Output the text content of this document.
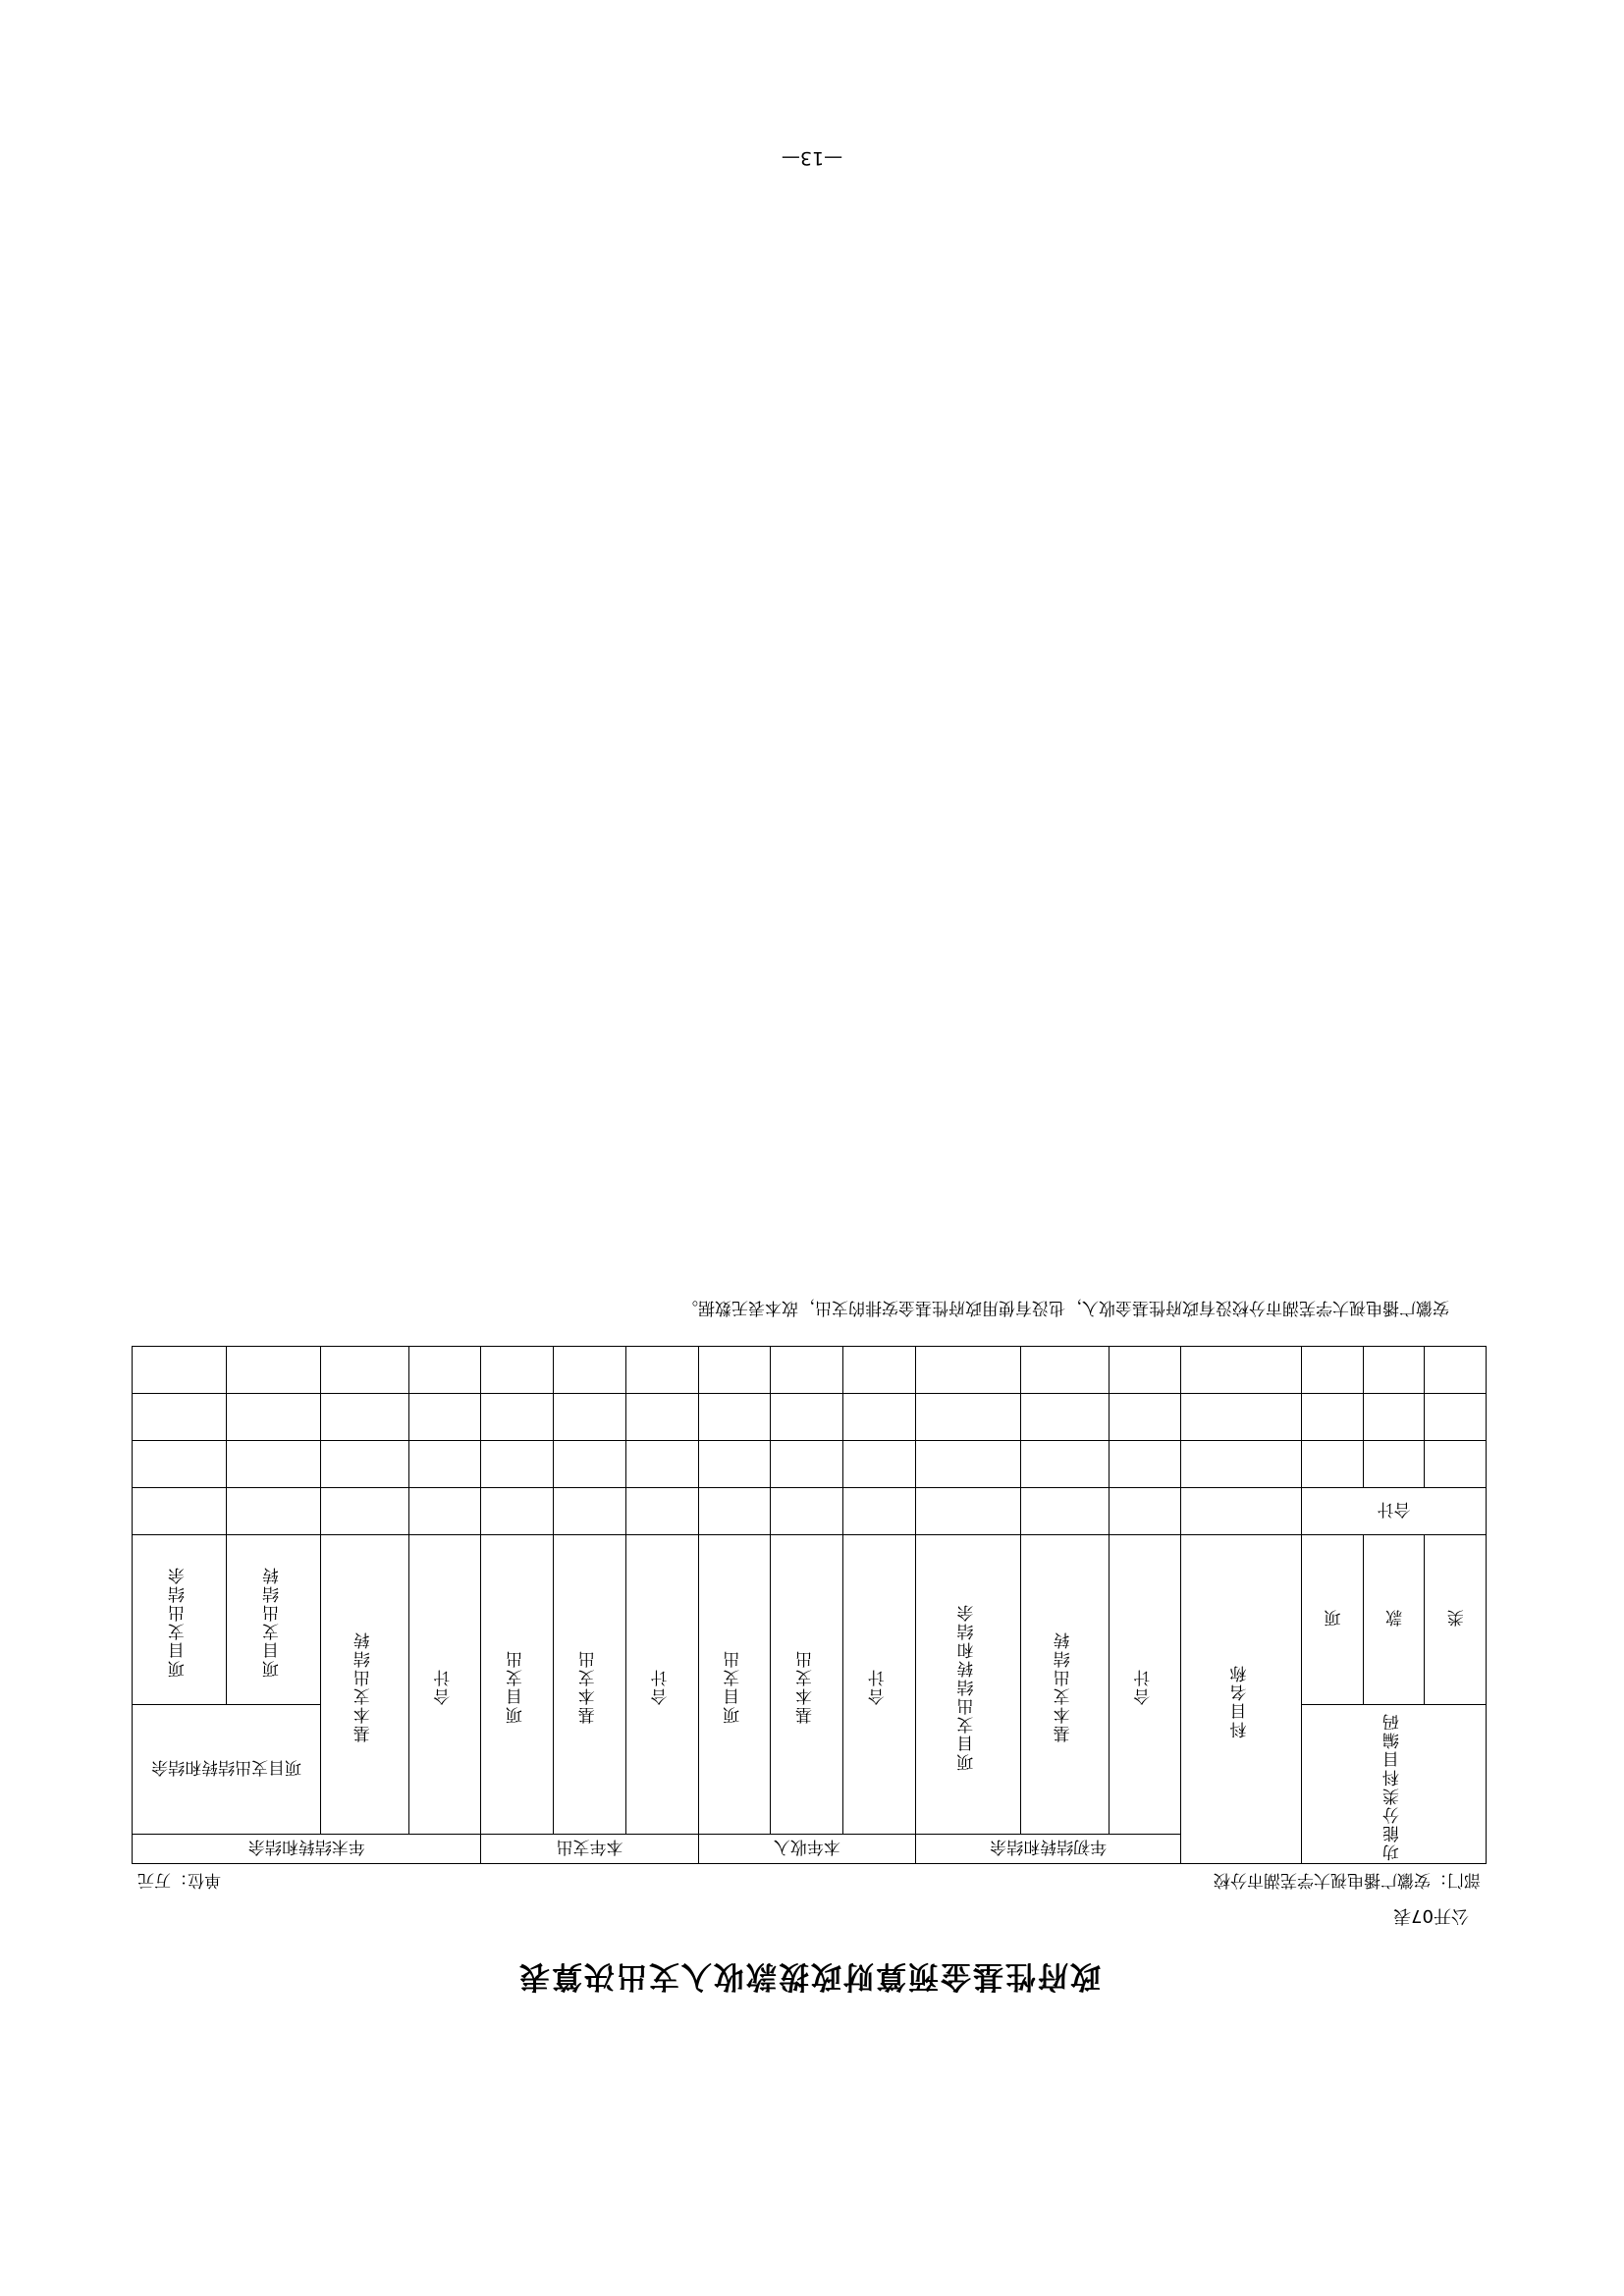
政府性基金预算财政拨款收入支出决算表
公开07表
部门：安徽广播电视大学芜湖市分校
单位：万元
功能分类科目编码			科目名称	年初结转和结余			本年收入			本年支出			年末结转和结余			
				合计	基本支出结转	项目支出结转和结余	合计	基本支出	项目支出	合计	基本支出	项目支出	合计	基本支出结转	项目支出结转和结余	
类	款	项													项目支出结转	项目支出结余
合计																

安徽广播电视大学芜湖市分校没有政府性基金收入，也没有使用政府性基金安排的支出，故本表无数据。
—13—
